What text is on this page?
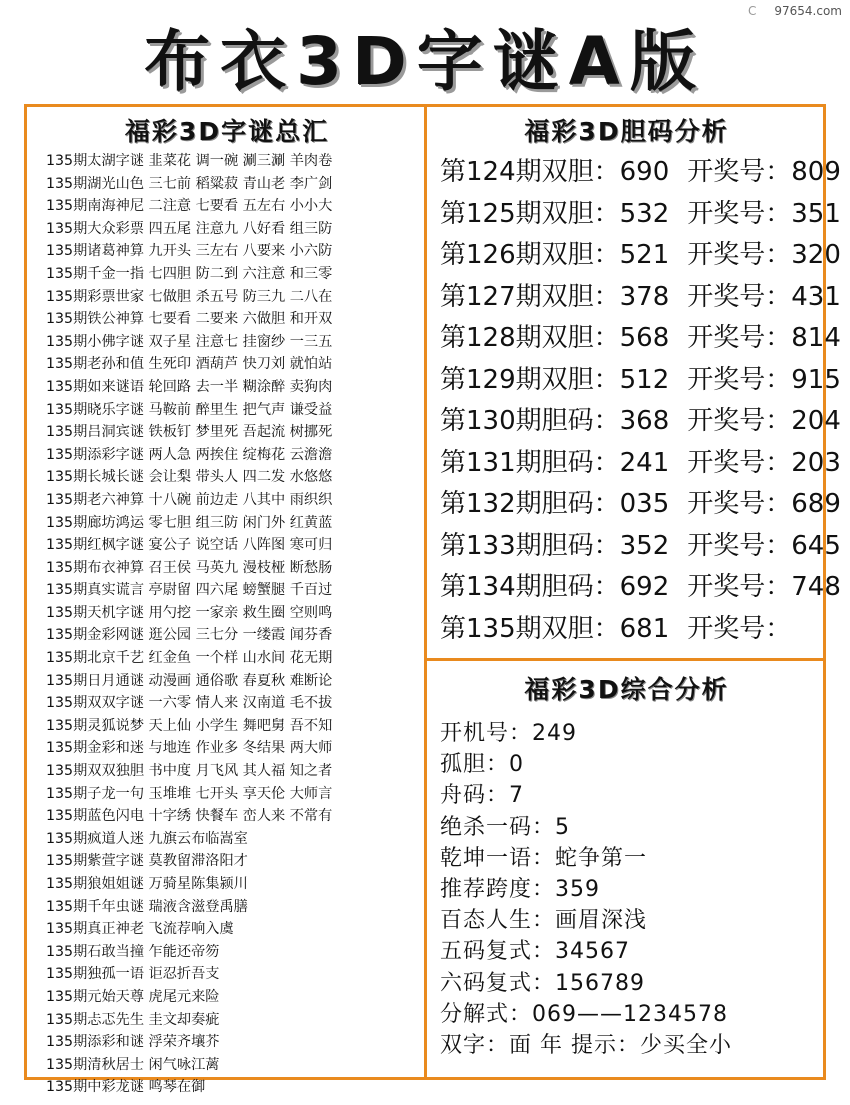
C 97654.com
布衣3D字谜A版
福彩3D字谜总汇
135期太湖字谜 韭菜花 调一碗 涮三涮 羊肉卷
135期湖光山色 三七前 稻粱菽 青山老 李广剑
135期南海神尼 二注意 七要看 五左右 小小大
135期大众彩票 四五尾 注意九 八好看 组三防
135期诸葛神算 九开头 三左右 八要来 小六防
135期千金一指 七四胆 防二到 六注意 和三零
135期彩票世家 七做胆 杀五号 防三九 二八在
135期铁公神算 七要看 二要来 六做胆 和开双
135期小佛字谜 双子星 注意七 挂窗纱 一三五
135期老孙和值 生死印 酒葫芦 快刀刘 就怕站
135期如来谜语 轮回路 去一半 糊涂醉 卖狗肉
135期晓乐字谜 马鞍前 醉里生 把气声 谦受益
135期吕洞宾谜 铁板钉 梦里死 吾起流 树挪死
135期添彩字谜 两人急 两挨住 绽梅花 云澹澹
135期长城长谜 会让梨 带头人 四二发 水悠悠
135期老六神算 十八碗 前边走 八其中 雨织织
135期廊坊鸿运 零七胆 组三防 闲门外 红黄蓝
135期红枫字谜 宴公子 说空话 八阵图 寒可归
135期布衣神算 召王侯 马英九 漫枝桠 断愁肠
135期真实谎言 亭尉留 四六尾 螃蟹腿 千百过
135期天机字谜 用勺挖 一家亲 救生圈 空则鸣
135期金彩网谜 逛公园 三七分 一缕霞 闻芬香
135期北京千艺 红金鱼 一个样 山水间 花无期
135期日月通谜 动漫画 通俗歌 春夏秋 难断论
135期双双字谜 一六零 情人来 汉南道 毛不拔
135期灵狐说梦 天上仙 小学生 舞吧舅 吾不知
135期金彩和迷 与地连 作业多 冬结果 两大师
135期双双独胆 书中度 月飞风 其人福 知之者
135期子龙一句 玉堆堆 七开头 享天伦 大师言
135期蓝色闪电 十字绣 快餐车 峦人来 不常有
135期疯道人迷 九旗云布临嵩室
135期紫萱字谜 莫教留滞洛阳才
135期狼姐姐谜 万骑星陈集颍川
135期千年虫谜 瑞液含滋登禹膳
135期真正神老 飞流荐响入虞
135期石敢当撞 乍能还帝笏
135期独孤一语 讵忍折吾支
135期元始天尊 虎尾元来险
135期忐忑先生 圭文却奏疵
135期添彩和谜 浮荣齐壤芥
135期清秋居士 闲气咏江蓠
135期中彩龙谜 鸣琴在御
福彩3D胆码分析
第124期双胆：690 开奖号：809
第125期双胆：532 开奖号：351
第126期双胆：521 开奖号：320
第127期双胆：378 开奖号：431
第128期双胆：568 开奖号：814
第129期双胆：512 开奖号：915
第130期胆码：368 开奖号：204
第131期胆码：241 开奖号：203
第132期胆码：035 开奖号：689
第133期胆码：352 开奖号：645
第134期胆码：692 开奖号：748
第135期双胆：681 开奖号：
福彩3D综合分析
开机号：249
孤胆：0
舟码：7
绝杀一码：5
乾坤一语：蛇争第一
推荐跨度：359
百态人生：画眉深浅
五码复式：34567
六码复式：156789
分解式：069——1234578
双字：面 年 提示：少买全小
